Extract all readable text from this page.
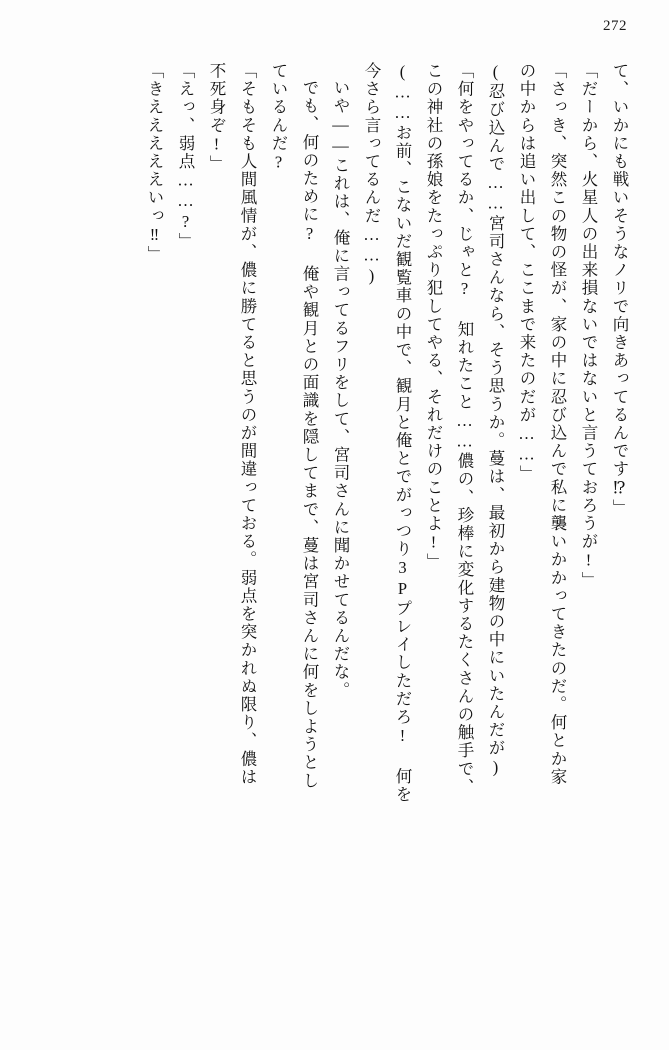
272
て、いかにも戦いそうなノリで向きあってるんです⁉」
「だーから、火星人の出来損ないではないと言うておろうが!」
「さっき、突然この物の怪が、家の中に忍び込んで私に襲いかかってきたのだ。何とか家
の中からは追い出して、ここまで来たのだが……」
(忍び込んで……宮司さんなら、そう思うか。蔓は、最初から建物の中にいたんだが)
「何をやってるか、じゃと? 知れたこと……儂の、珍棒に変化するたくさんの触手で、
この神社の孫娘をたっぷり犯してやる、それだけのことよ!」
(……お前、こないだ観覧車の中で、観月と俺とでがっつり3Pプレイしただろ! 何を
今さら言ってるんだ……)
いや――これは、俺に言ってるフリをして、宮司さんに聞かせてるんだな。
でも、何のために? 俺や観月との面識を隠してまで、蔓は宮司さんに何をしようとし
ているんだ?
「そもそも人間風情が、儂に勝てると思うのが間違っておる。弱点を突かれぬ限り、儂は
不死身ぞ!」
「えっ、弱点……?」
「きえええええいっ‼」
